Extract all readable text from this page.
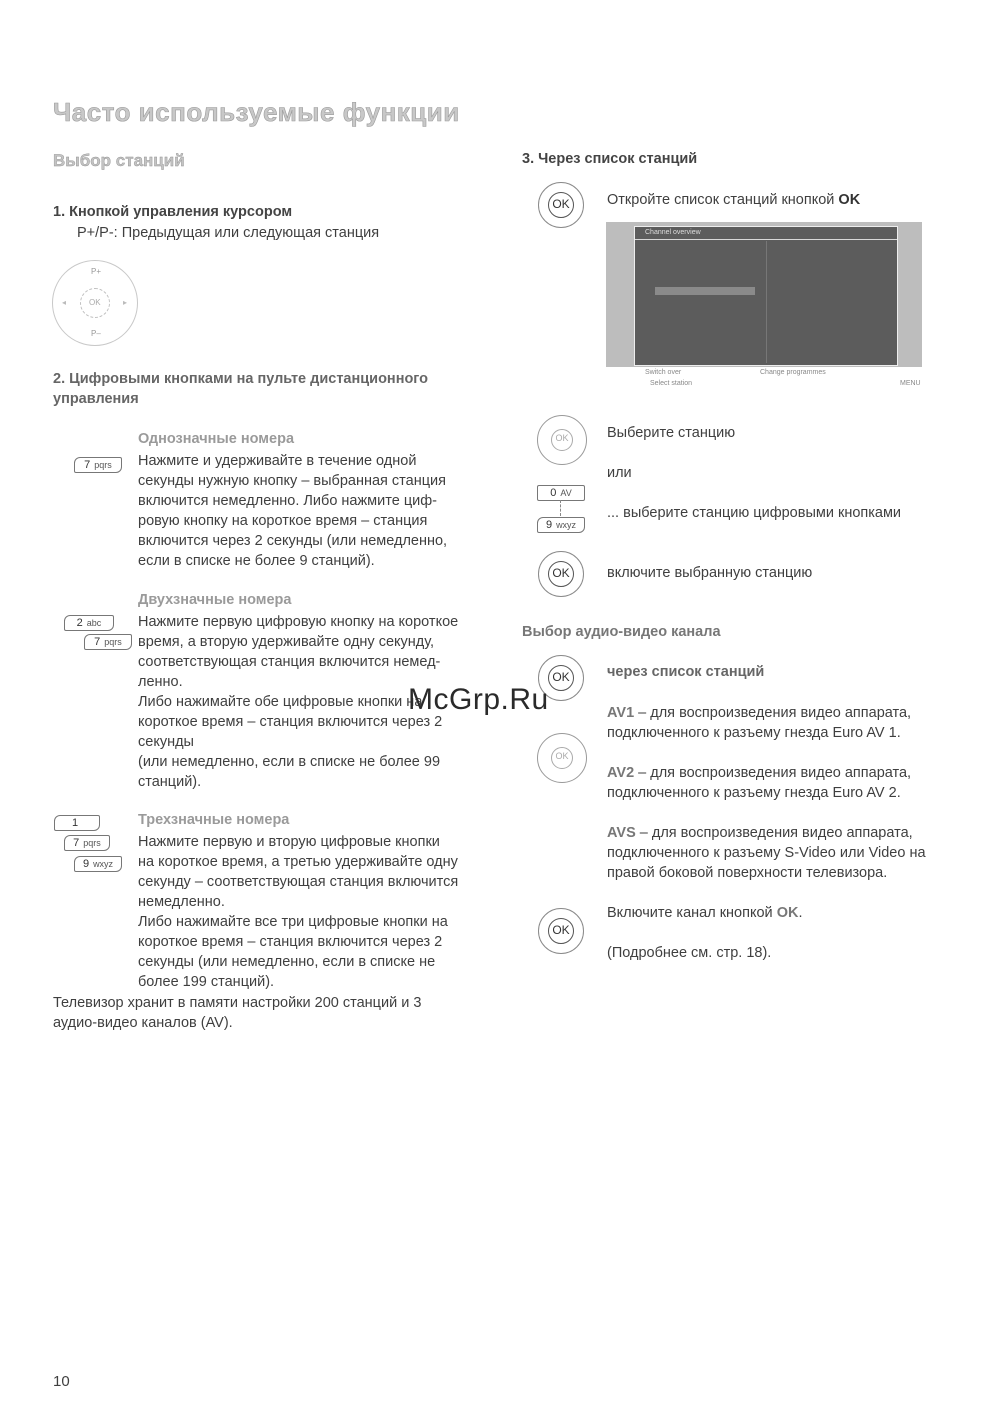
Часто используемые функции
Выбор станций
1. Кнопкой управления курсором
P+/P-: Предыдущая или следующая станция
OK
P+
P–
◂	▸
2. Цифровыми кнопками на пульте дистанционного
управления
Однозначные номера
7 pqrs	Нажмите и удерживайте в течение одной
секунды нужную кнопку – выбранная станция
включится немедленно. Либо нажмите циф-
ровую кнопку на короткое время – станция
включится через 2 секунды (или немедленно,
если в списке не более 9 станций).
Двухзначные номера
2 abc
7 pqrs
Нажмите первую цифровую кнопку на короткое
время, а вторую удерживайте одну секунду,
соответствующая станция включится немед-
ленно.
Либо нажимайте обе цифровые кнопки на
короткое время – станция включится через 2
секунды
(или немедленно, если в списке не более 99
станций).
Трехзначные номера
1
7 pqrs
9 wxyz
Нажмите первую и вторую цифровые кнопки
на короткое время, а третью удерживайте одну
секунду – соответствующая станция включится
немедленно.
Либо нажимайте все три цифровые кнопки на
короткое время – станция включится через 2
секунды (или немедленно, если в списке не
более 199 станций).
Телевизор хранит в памяти настройки 200 станций и 3
аудио-видео каналов (AV).
3. Через список станций
OK	Откройте список станций кнопкой OK
Channel overview
Switch over	Change programmes
Select station	MENU
OK	Выберите станцию
или
0 AV
9 wxyz
... выберите станцию цифровыми кнопками
OK	включите выбранную станцию
Выбор аудио-видео канала
OK	через список станций
OK
AV1 – для воспроизведения видео аппарата,
подключенного к разъему гнезда Euro AV 1.
AV2 – для воспроизведения видео аппарата,
подключенного к разъему гнезда Euro AV 2.
AVS – для воспроизведения видео аппарата,
подключенного к разъему S-Video или Video на
правой боковой поверхности телевизора.
OK
Включите канал кнопкой OK.
(Подробнее см. стр. 18).
McGrp.Ru
10
